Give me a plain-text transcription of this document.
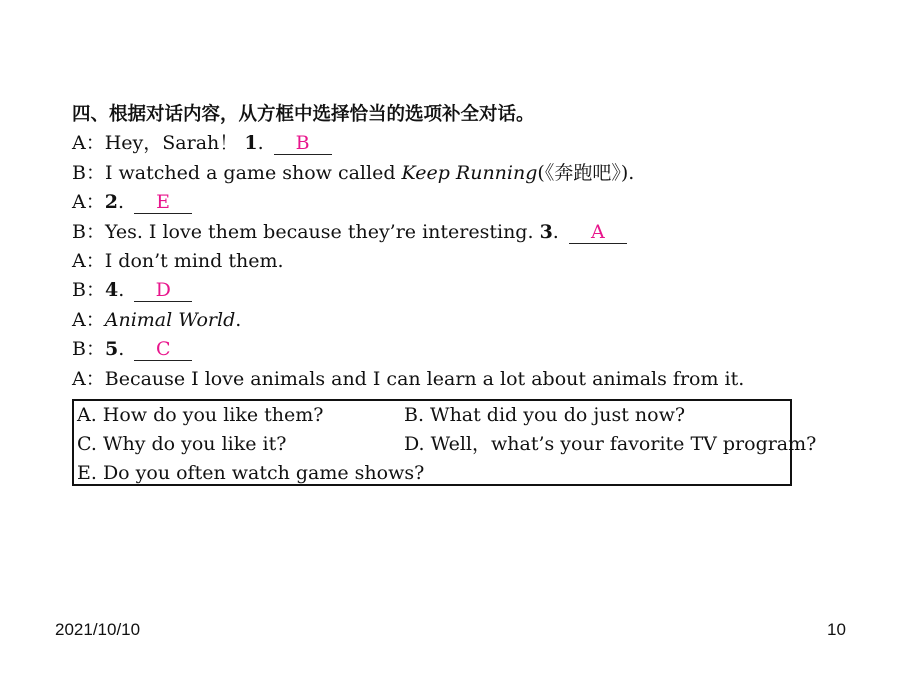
四、根据对话内容，从方框中选择恰当的选项补全对话。
A：Hey，Sarah！ 1. B
B：I watched a game show called Keep Running(《奔跑吧》).
A：2. E
B：Yes. I love them because they’re interesting. 3. A
A：I don’t mind them.
B：4. D
A：Animal World.
B：5. C
A：Because I love animals and I can learn a lot about animals from it.
A. How do you like them?	B. What did you do just now?
C. Why do you like it?	D. Well，what’s your favorite TV program?
E. Do you often watch game shows?
2021/10/10	10
